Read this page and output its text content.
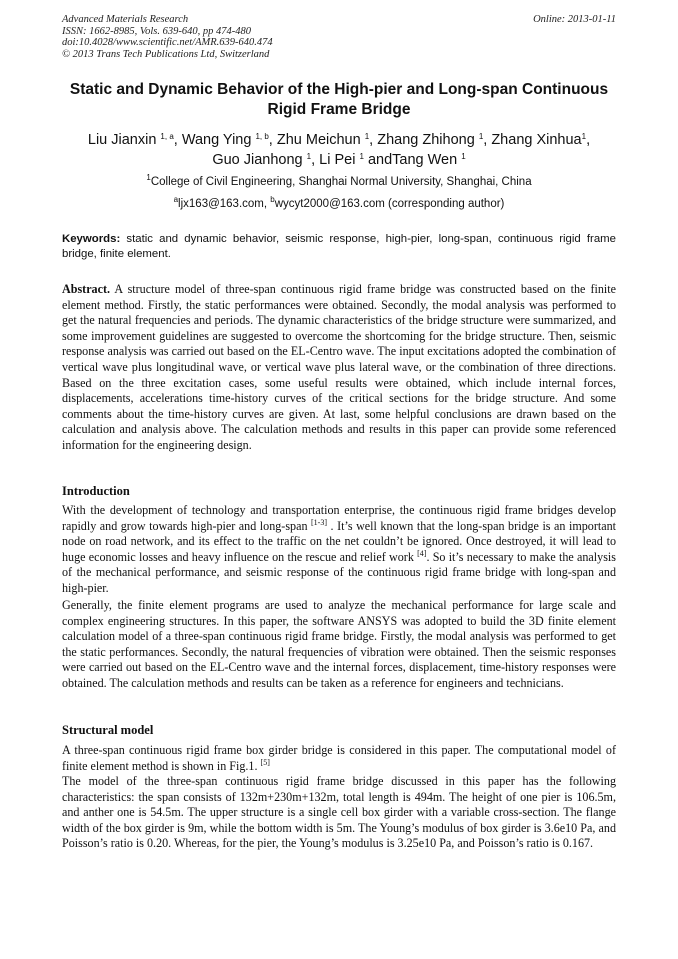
Advanced Materials Research
ISSN: 1662-8985, Vols. 639-640, pp 474-480
doi:10.4028/www.scientific.net/AMR.639-640.474
© 2013 Trans Tech Publications Ltd, Switzerland
Online: 2013-01-11
Static and Dynamic Behavior of the High-pier and Long-span Continuous Rigid Frame Bridge
Liu Jianxin $^{1, a}$, Wang Ying $^{1, b}$, Zhu Meichun $^1$, Zhang Zhihong $^1$, Zhang Xinhua$^1$,
Guo Jianhong $^1$, Li Pei $^1$ andTang Wen $^1$
$^1$College of Civil Engineering, Shanghai Normal University, Shanghai, China
$^a$ljx163@163.com, $^b$wycyt2000@163.com (corresponding author)
Keywords: static and dynamic behavior, seismic response, high-pier, long-span, continuous rigid frame bridge, finite element.
Abstract. A structure model of three-span continuous rigid frame bridge was constructed based on the finite element method. Firstly, the static performances were obtained. Secondly, the modal analysis was performed to get the natural frequencies and periods. The dynamic characteristics of the bridge structure were summarized, and some improvement guidelines are suggested to overcome the shortcoming for the bridge structure. Then, seismic response analysis was carried out based on the EL-Centro wave. The input excitations adopted the combination of vertical wave plus longitudinal wave, or vertical wave plus lateral wave, or the combination of three directions. Based on the three excitation cases, some useful results were obtained, which include internal forces, displacements, accelerations time-history curves of the critical sections for the bridge structure. And some comments about the time-history curves are given. At last, some helpful conclusions are drawn based on the calculation and analysis above. The calculation methods and results in this paper can provide some referenced information for the engineering design.
Introduction
With the development of technology and transportation enterprise, the continuous rigid frame bridges develop rapidly and grow towards high-pier and long-span [1-3] . It’s well known that the long-span bridge is an important node on road network, and its effect to the traffic on the net couldn’t be ignored. Once destroyed, it will lead to huge economic losses and heavy influence on the rescue and relief work [4]. So it’s necessary to make the analysis of the mechanical performance, and seismic response of the continuous rigid frame bridge with long-span and high-pier.
Generally, the finite element programs are used to analyze the mechanical performance for large scale and complex engineering structures. In this paper, the software ANSYS was adopted to build the 3D finite element calculation model of a three-span continuous rigid frame bridge. Firstly, the modal analysis was performed to get the static performances. Secondly, the natural frequencies of vibration were obtained. Then the seismic responses were carried out based on the EL-Centro wave and the internal forces, displacement, time-history responses were obtained. The calculation methods and results can be taken as a reference for engineers and technicians.
Structural model
A three-span continuous rigid frame box girder bridge is considered in this paper. The computational model of finite element method is shown in Fig.1. [5]
The model of the three-span continuous rigid frame bridge discussed in this paper has the following characteristics: the span consists of 132m+230m+132m, total length is 494m. The height of one pier is 106.5m, and anther one is 54.5m. The upper structure is a single cell box girder with a variable cross-section. The flange width of the box girder is 9m, while the bottom width is 5m. The Young’s modulus of box girder is 3.6e10 Pa, and Poisson’s ratio is 0.20. Whereas, for the pier, the Young’s modulus is 3.25e10 Pa, and Poisson’s ratio is 0.167.
